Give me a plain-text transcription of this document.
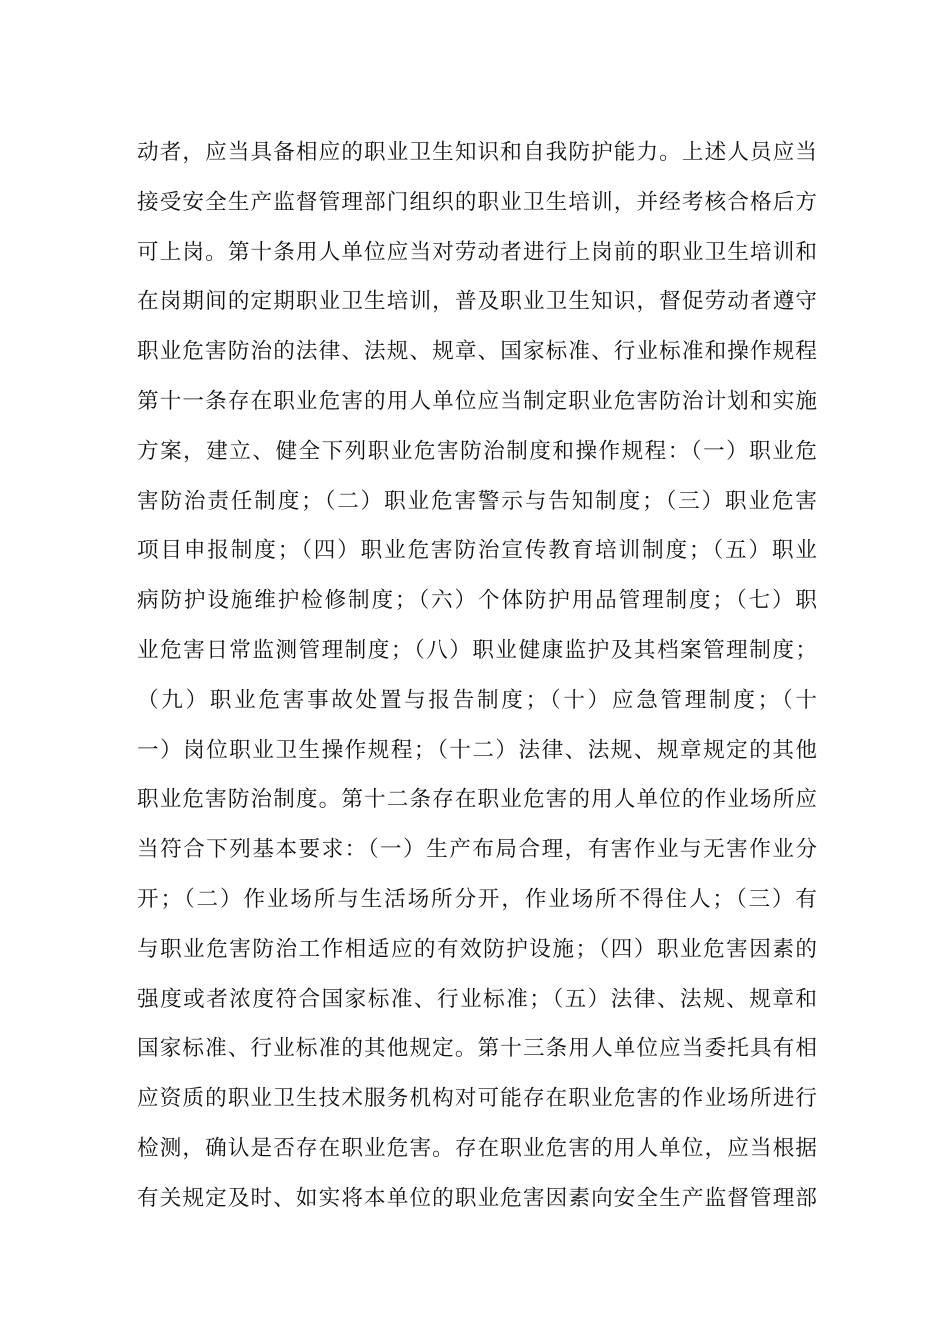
动者，应当具备相应的职业卫生知识和自我防护能力。上述人员应当
接受安全生产监督管理部门组织的职业卫生培训，并经考核合格后方
可上岗。第十条用人单位应当对劳动者进行上岗前的职业卫生培训和
在岗期间的定期职业卫生培训，普及职业卫生知识，督促劳动者遵守
职业危害防治的法律、法规、规章、国家标准、行业标准和操作规程
第十一条存在职业危害的用人单位应当制定职业危害防治计划和实施
方案，建立、健全下列职业危害防治制度和操作规程：（一）职业危
害防治责任制度；（二）职业危害警示与告知制度；（三）职业危害
项目申报制度；（四）职业危害防治宣传教育培训制度；（五）职业
病防护设施维护检修制度；（六）个体防护用品管理制度；（七）职
业危害日常监测管理制度；（八）职业健康监护及其档案管理制度；
（九）职业危害事故处置与报告制度；（十）应急管理制度；（十
一）岗位职业卫生操作规程；（十二）法律、法规、规章规定的其他
职业危害防治制度。第十二条存在职业危害的用人单位的作业场所应
当符合下列基本要求：（一）生产布局合理，有害作业与无害作业分
开；（二）作业场所与生活场所分开，作业场所不得住人；（三）有
与职业危害防治工作相适应的有效防护设施；（四）职业危害因素的
强度或者浓度符合国家标准、行业标准；（五）法律、法规、规章和
国家标准、行业标准的其他规定。第十三条用人单位应当委托具有相
应资质的职业卫生技术服务机构对可能存在职业危害的作业场所进行
检测，确认是否存在职业危害。存在职业危害的用人单位，应当根据
有关规定及时、如实将本单位的职业危害因素向安全生产监督管理部
